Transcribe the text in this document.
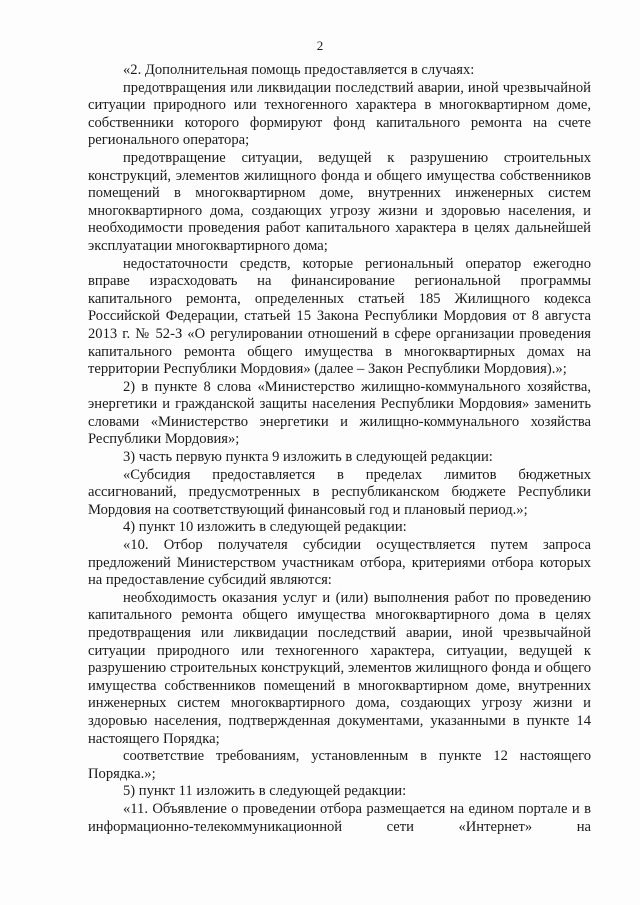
2

«2. Дополнительная помощь предоставляется в случаях:

предотвращения или ликвидации последствий аварии, иной чрезвычайной ситуации природного или техногенного характера в многоквартирном доме, собственники которого формируют фонд капитального ремонта на счете регионального оператора;

предотвращение ситуации, ведущей к разрушению строительных конструкций, элементов жилищного фонда и общего имущества собственников помещений в многоквартирном доме, внутренних инженерных систем многоквартирного дома, создающих угрозу жизни и здоровью населения, и необходимости проведения работ капитального характера в целях дальнейшей эксплуатации многоквартирного дома;

недостаточности средств, которые региональный оператор ежегодно вправе израсходовать на финансирование региональной программы капитального ремонта, определенных статьей 185 Жилищного кодекса Российской Федерации, статьей 15 Закона Республики Мордовия от 8 августа 2013 г. № 52-З «О регулировании отношений в сфере организации проведения капитального ремонта общего имущества в многоквартирных домах на территории Республики Мордовия» (далее – Закон Республики Мордовия).»;

2) в пункте 8 слова «Министерство жилищно-коммунального хозяйства, энергетики и гражданской защиты населения Республики Мордовия» заменить словами «Министерство энергетики и жилищно-коммунального хозяйства Республики Мордовия»;

3) часть первую пункта 9 изложить в следующей редакции:

«Субсидия предоставляется в пределах лимитов бюджетных ассигнований, предусмотренных в республиканском бюджете Республики Мордовия на соответствующий финансовый год и плановый период.»;

4) пункт 10 изложить в следующей редакции:

«10. Отбор получателя субсидии осуществляется путем запроса предложений Министерством участникам отбора, критериями отбора которых на предоставление субсидий являются:

необходимость оказания услуг и (или) выполнения работ по проведению капитального ремонта общего имущества многоквартирного дома в целях предотвращения или ликвидации последствий аварии, иной чрезвычайной ситуации природного или техногенного характера, ситуации, ведущей к разрушению строительных конструкций, элементов жилищного фонда и общего имущества собственников помещений в многоквартирном доме, внутренних инженерных систем многоквартирного дома, создающих угрозу жизни и здоровью населения, подтвержденная документами, указанными в пункте 14 настоящего Порядка;

соответствие требованиям, установленным в пункте 12 настоящего Порядка.»;

5) пункт 11 изложить в следующей редакции:

«11. Объявление о проведении отбора размещается на едином портале и в информационно-телекоммуникационной сети «Интернет» на
